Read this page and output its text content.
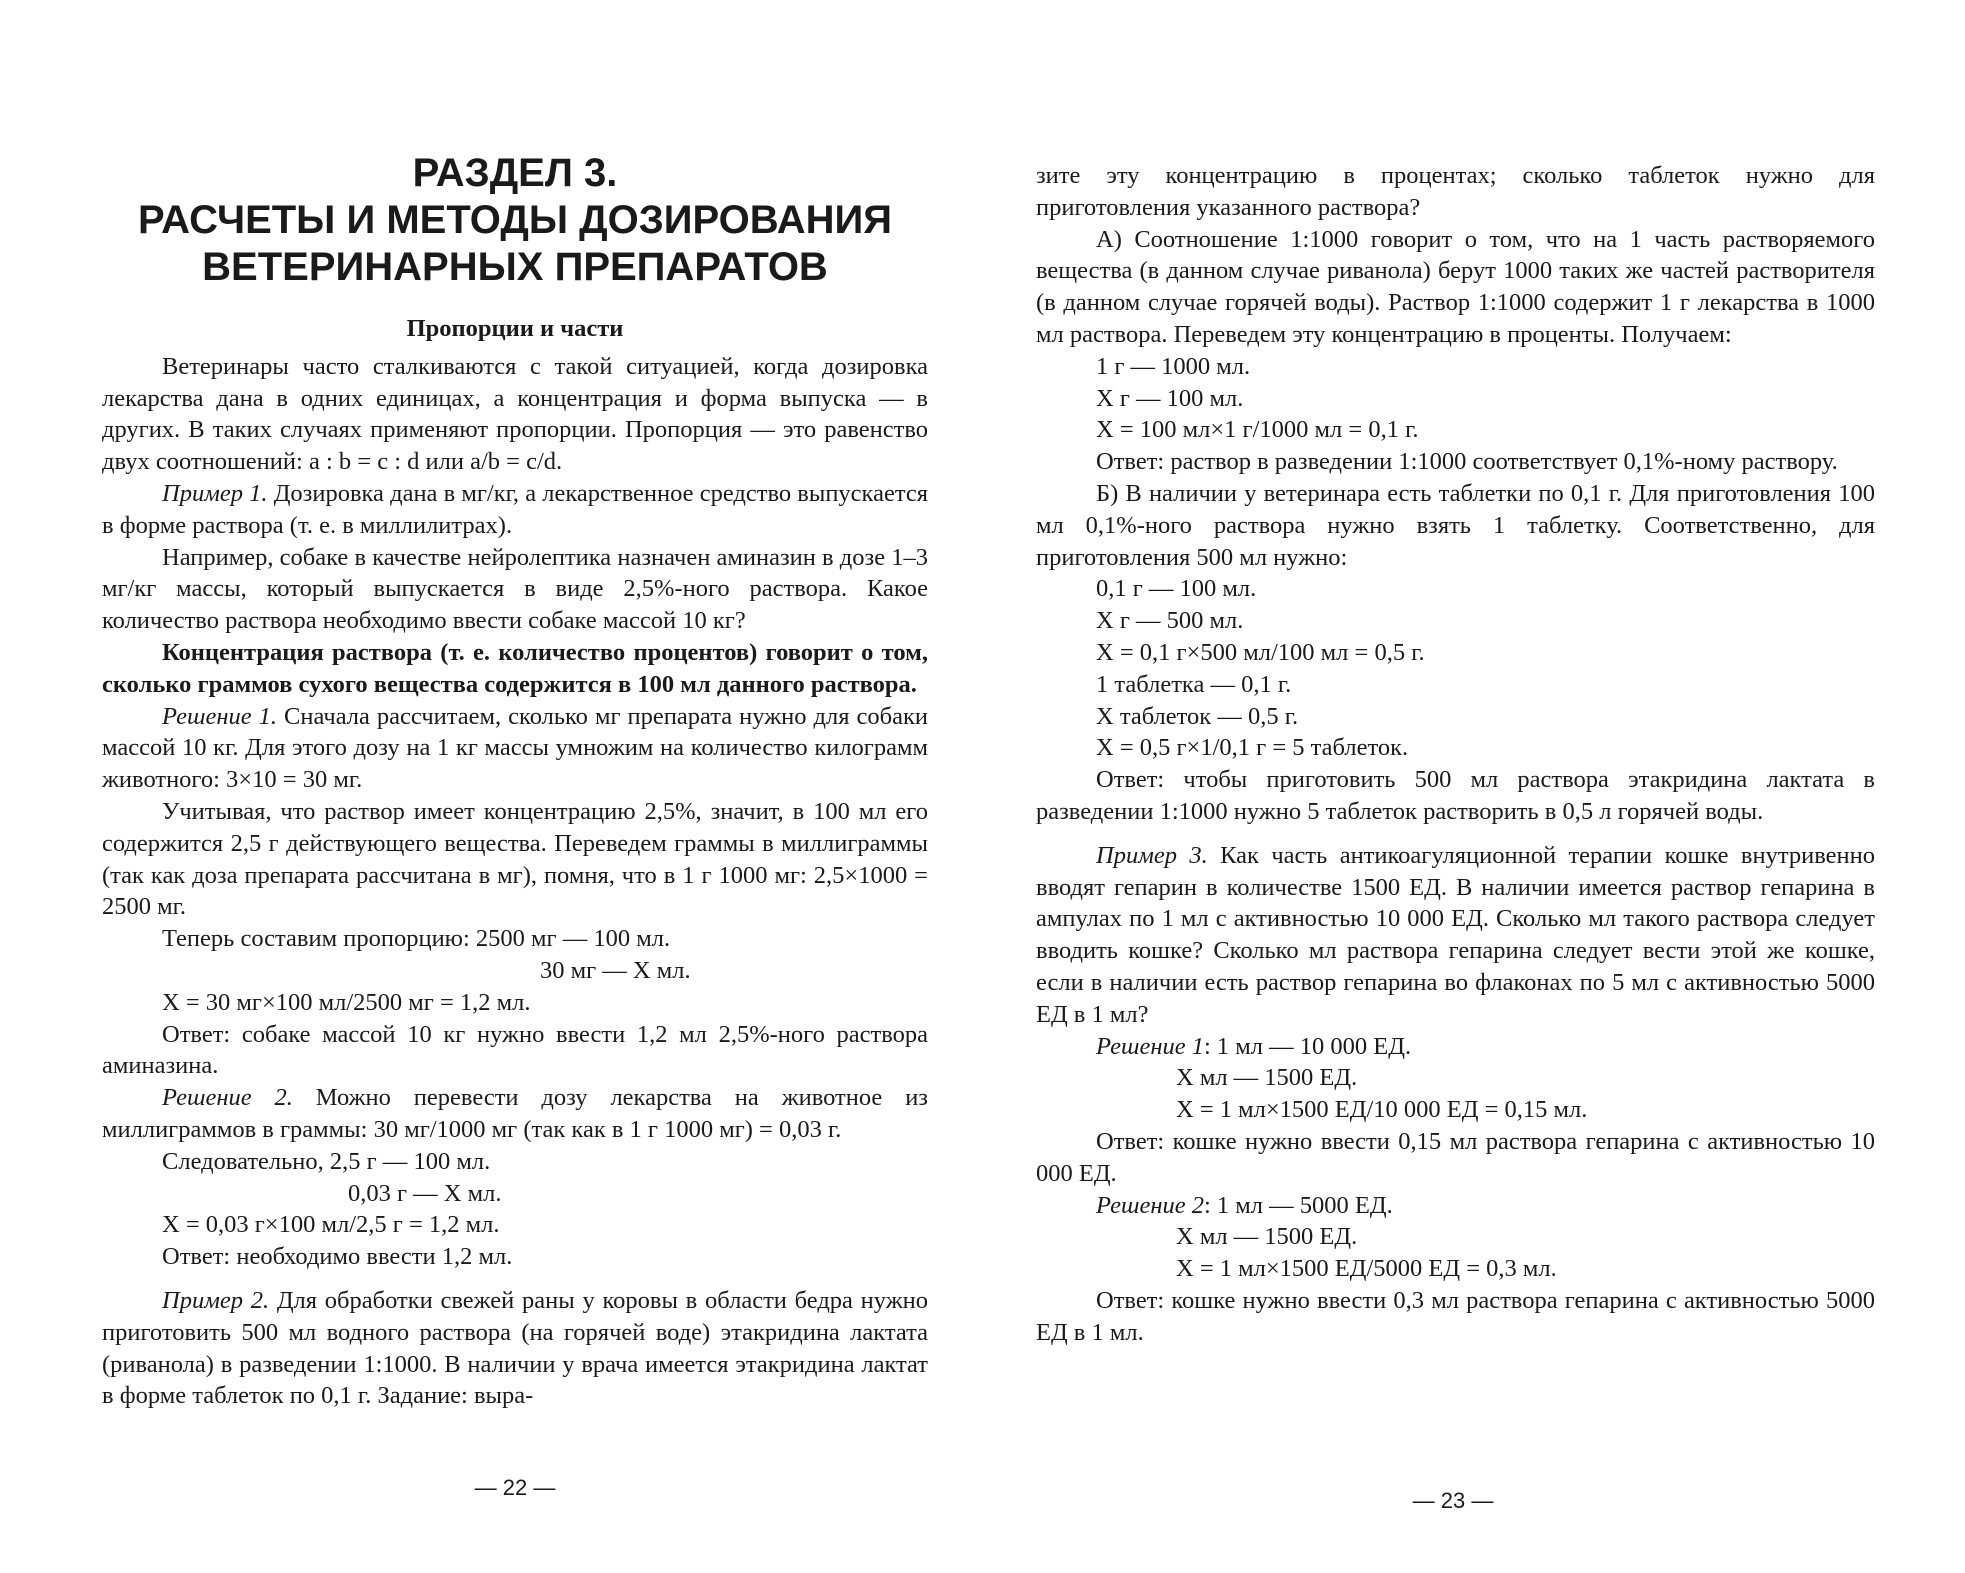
РАЗДЕЛ 3.
РАСЧЕТЫ И МЕТОДЫ ДОЗИРОВАНИЯ
ВЕТЕРИНАРНЫХ ПРЕПАРАТОВ
Пропорции и части

Ветеринары часто сталкиваются с такой ситуацией, когда дозировка лекарства дана в одних единицах, а концентрация и форма выпуска — в других. В таких случаях применяют пропорции. Пропорция — это равенство двух соотношений: a : b = c : d или a/b = c/d.

Пример 1. Дозировка дана в мг/кг, а лекарственное средство выпускается в форме раствора (т. е. в миллилитрах).

Например, собаке в качестве нейролептика назначен аминазин в дозе 1–3 мг/кг массы, который выпускается в виде 2,5%-ного раствора. Какое количество раствора необходимо ввести собаке массой 10 кг?

Концентрация раствора (т. е. количество процентов) говорит о том, сколько граммов сухого вещества содержится в 100 мл данного раствора.

Решение 1. Сначала рассчитаем, сколько мг препарата нужно для собаки массой 10 кг. Для этого дозу на 1 кг массы умножим на количество килограмм животного: 3×10 = 30 мг.

Учитывая, что раствор имеет концентрацию 2,5%, значит, в 100 мл его содержится 2,5 г действующего вещества. Переведем граммы в миллиграммы (так как доза препарата рассчитана в мг), помня, что в 1 г 1000 мг: 2,5×1000 = 2500 мг.

Теперь составим пропорцию: 2500 мг — 100 мл.

30 мг — Х мл.

Х = 30 мг×100 мл/2500 мг = 1,2 мл.

Ответ: собаке массой 10 кг нужно ввести 1,2 мл 2,5%-ного раствора аминазина.

Решение 2. Можно перевести дозу лекарства на животное из миллиграммов в граммы: 30 мг/1000 мг (так как в 1 г 1000 мг) = 0,03 г.

Следовательно, 2,5 г — 100 мл.

0,03 г — Х мл.

Х = 0,03 г×100 мл/2,5 г = 1,2 мл.

Ответ: необходимо ввести 1,2 мл.

Пример 2. Для обработки свежей раны у коровы в области бедра нужно приготовить 500 мл водного раствора (на горячей воде) этакридина лактата (риванола) в разведении 1:1000. В наличии у врача имеется этакридина лактат в форме таблеток по 0,1 г. Задание: выра-

— 22 —

зите эту концентрацию в процентах; сколько таблеток нужно для приготовления указанного раствора?

А) Соотношение 1:1000 говорит о том, что на 1 часть растворяемого вещества (в данном случае риванола) берут 1000 таких же частей растворителя (в данном случае горячей воды). Раствор 1:1000 содержит 1 г лекарства в 1000 мл раствора. Переведем эту концентрацию в проценты. Получаем:

1 г — 1000 мл.

Х г — 100 мл.

Х = 100 мл×1 г/1000 мл = 0,1 г.

Ответ: раствор в разведении 1:1000 соответствует 0,1%-ному раствору.

Б) В наличии у ветеринара есть таблетки по 0,1 г. Для приготовления 100 мл 0,1%-ного раствора нужно взять 1 таблетку. Соответственно, для приготовления 500 мл нужно:

0,1 г — 100 мл.

Х г — 500 мл.

Х = 0,1 г×500 мл/100 мл = 0,5 г.

1 таблетка — 0,1 г.

Х таблеток — 0,5 г.

Х = 0,5 г×1/0,1 г = 5 таблеток.

Ответ: чтобы приготовить 500 мл раствора этакридина лактата в разведении 1:1000 нужно 5 таблеток растворить в 0,5 л горячей воды.

Пример 3. Как часть антикоагуляционной терапии кошке внутривенно вводят гепарин в количестве 1500 ЕД. В наличии имеется раствор гепарина в ампулах по 1 мл с активностью 10 000 ЕД. Сколько мл такого раствора следует вводить кошке? Сколько мл раствора гепарина следует вести этой же кошке, если в наличии есть раствор гепарина во флаконах по 5 мл с активностью 5000 ЕД в 1 мл?

Решение 1: 1 мл — 10 000 ЕД.

Х мл — 1500 ЕД.

Х = 1 мл×1500 ЕД/10 000 ЕД = 0,15 мл.

Ответ: кошке нужно ввести 0,15 мл раствора гепарина с активностью 10 000 ЕД.

Решение 2: 1 мл — 5000 ЕД.

Х мл — 1500 ЕД.

Х = 1 мл×1500 ЕД/5000 ЕД = 0,3 мл.

Ответ: кошке нужно ввести 0,3 мл раствора гепарина с активностью 5000 ЕД в 1 мл.

— 23 —
